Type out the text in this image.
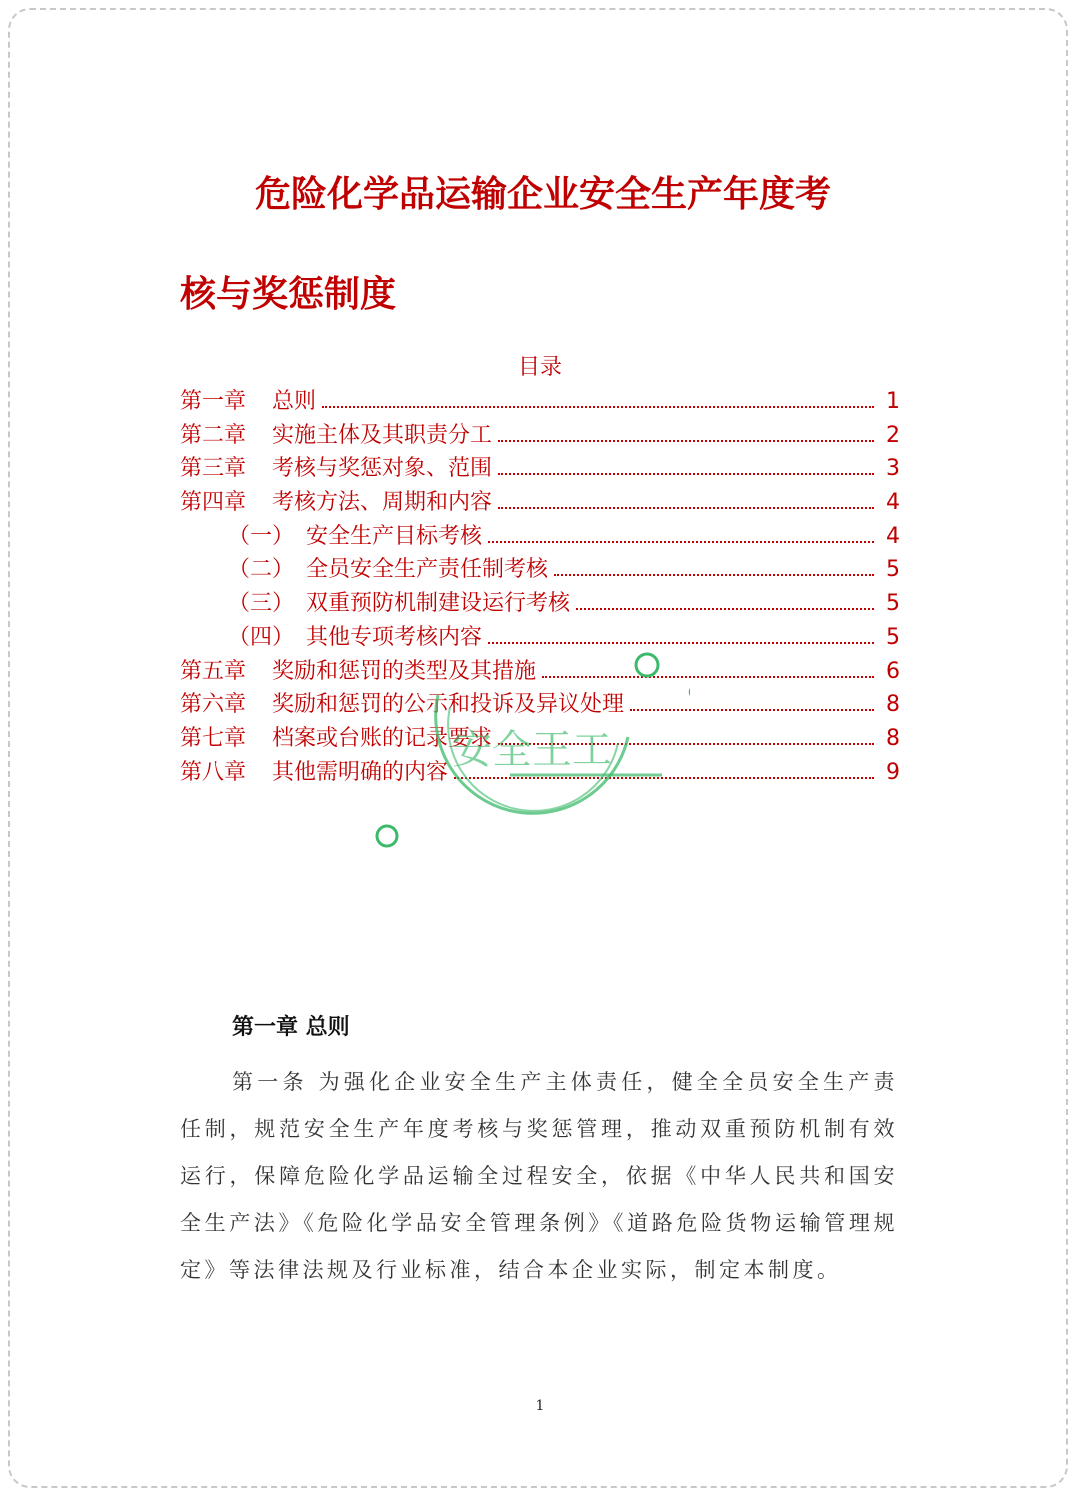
危险化学品运输企业安全生产年度考
核与奖惩制度
目录
第一章	总则	1
第二章	实施主体及其职责分工	2
第三章	考核与奖惩对象、范围	3
第四章	考核方法、周期和内容	4
（一） 安全生产目标考核	4
（二） 全员安全生产责任制考核	5
（三） 双重预防机制建设运行考核	5
（四） 其他专项考核内容	5
第五章	奖励和惩罚的类型及其措施	6
第六章	奖励和惩罚的公示和投诉及异议处理	8
第七章	档案或台账的记录要求	8
第八章	其他需明确的内容	9
安全王工
第一章 总则

第一条 为强化企业安全生产主体责任，健全全员安全生产责任制，规范安全生产年度考核与奖惩管理，推动双重预防机制有效运行，保障危险化学品运输全过程安全，依据《中华人民共和国安全生产法》《危险化学品安全管理条例》《道路危险货物运输管理规定》等法律法规及行业标准，结合本企业实际，制定本制度。

1
